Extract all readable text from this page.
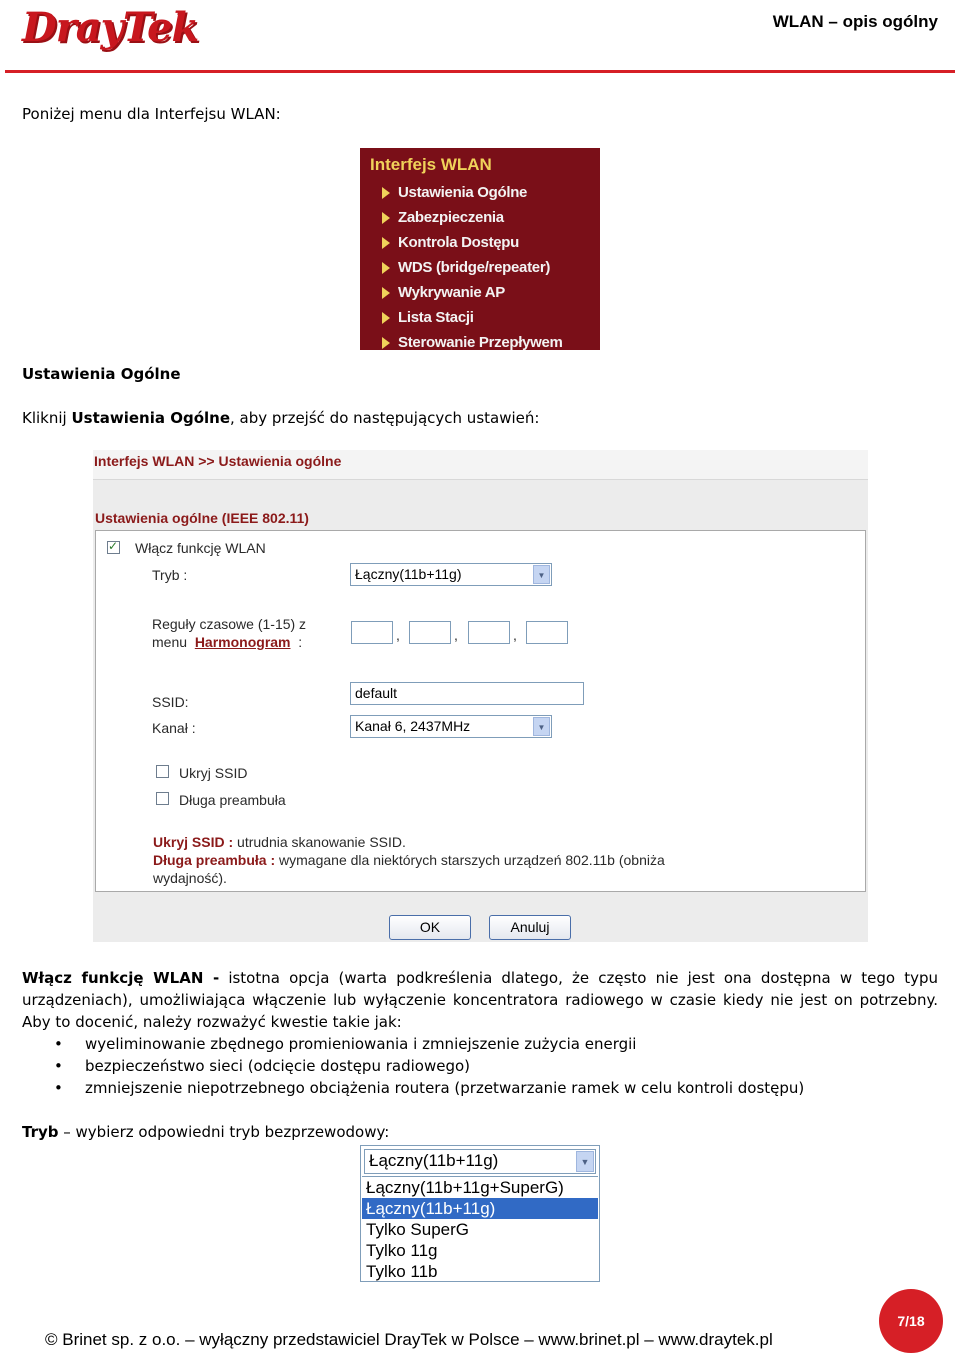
DrayTek	WLAN – opis ogólny
Poniżej menu dla Interfejsu WLAN:
Interfejs WLAN
Ustawienia Ogólne
Zabezpieczenia
Kontrola Dostępu
WDS (bridge/repeater)
Wykrywanie AP
Lista Stacji
Sterowanie Przepływem
Ustawienia Ogólne
Kliknij Ustawienia Ogólne, aby przejść do następujących ustawień:
Interfejs WLAN >> Ustawienia ogólne
Ustawienia ogólne (IEEE 802.11)
✓
Włącz funkcję WLAN
Tryb :	Łączny(11b+11g)	▼
Reguły czasowe (1-15) z
menu Harmonogram :	,	,	,
SSID:
default
Kanał :	Kanał 6, 2437MHz	▼
Ukryj SSID
Długa preambuła
Ukryj SSID : utrudnia skanowanie SSID.
Długa preambuła : wymagane dla niektórych starszych urządzeń 802.11b (obniża
wydajność).
OK	Anuluj
Włącz funkcję WLAN - istotna opcja (warta podkreślenia dlatego, że często nie jest ona dostępna w tego typu urządzeniach), umożliwiająca włączenie lub wyłączenie koncentratora radiowego w czasie kiedy nie jest on potrzebny. Aby to docenić, należy rozważyć kwestie takie jak:
•	wyeliminowanie zbędnego promieniowania i zmniejszenie zużycia energii
•	bezpieczeństwo sieci (odcięcie dostępu radiowego)
•	zmniejszenie niepotrzebnego obciążenia routera (przetwarzanie ramek w celu kontroli dostępu)
Tryb – wybierz odpowiedni tryb bezprzewodowy:
Łączny(11b+11g)	▼
Łączny(11b+11g+SuperG)
Łączny(11b+11g)
Tylko SuperG
Tylko 11g
Tylko 11b
© Brinet sp. z o.o. – wyłączny przedstawiciel DrayTek w Polsce – www.brinet.pl – www.draytek.pl
7/18
